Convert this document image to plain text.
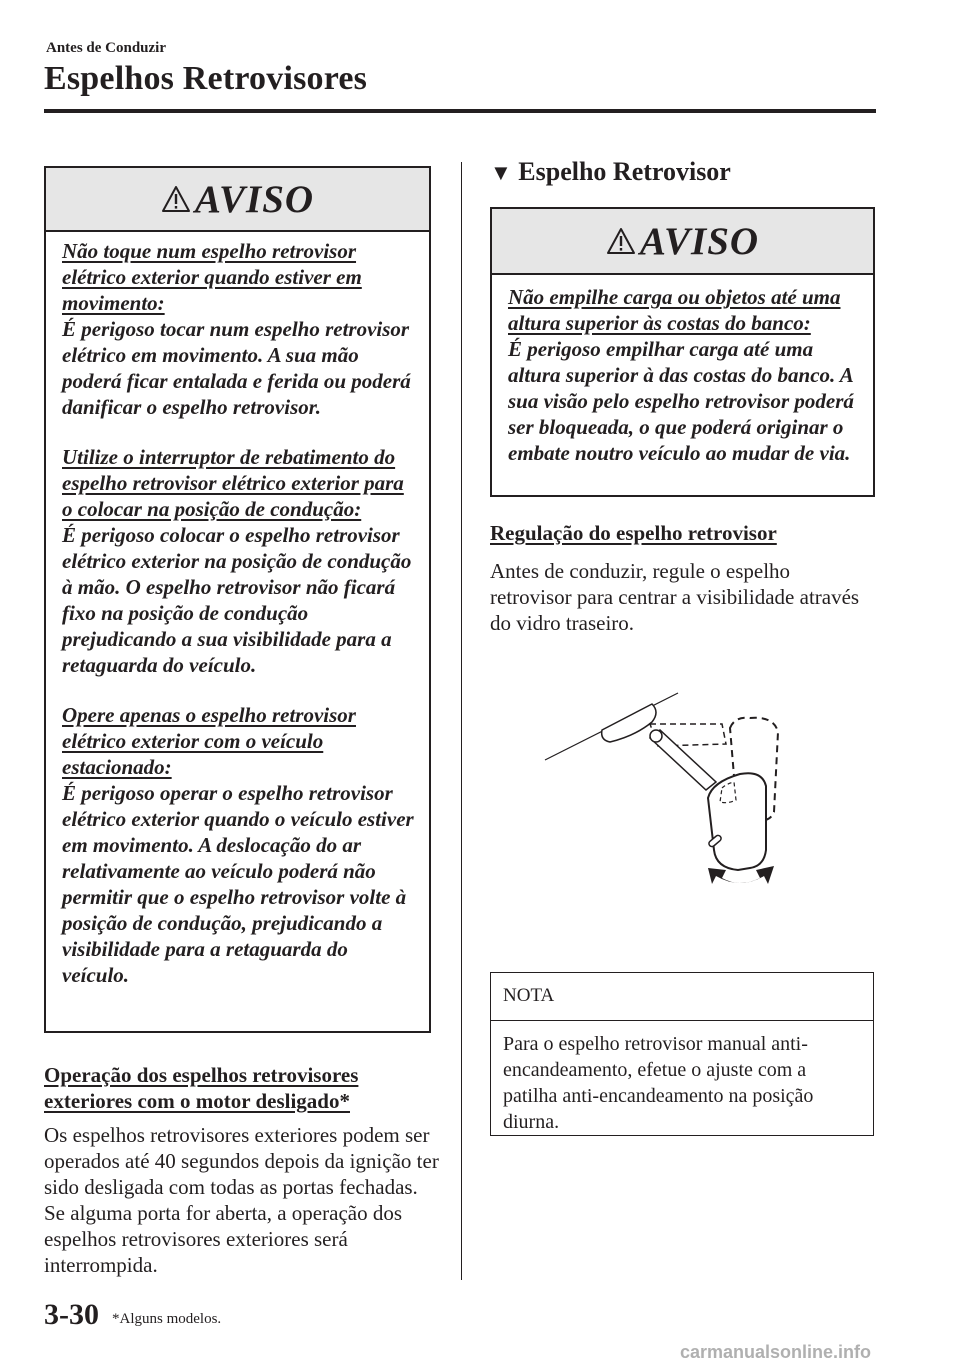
Antes de Conduzir
Espelhos Retrovisores
AVISO

Não toque num espelho retrovisor elétrico exterior quando estiver em movimento:
É perigoso tocar num espelho retrovisor elétrico em movimento. A sua mão poderá ficar entalada e ferida ou poderá danificar o espelho retrovisor.

Utilize o interruptor de rebatimento do espelho retrovisor elétrico exterior para o colocar na posição de condução:
É perigoso colocar o espelho retrovisor elétrico exterior na posição de condução à mão. O espelho retrovisor não ficará fixo na posição de condução prejudicando a sua visibilidade para a retaguarda do veículo.

Opere apenas o espelho retrovisor elétrico exterior com o veículo estacionado:
É perigoso operar o espelho retrovisor elétrico exterior quando o veículo estiver em movimento. A deslocação do ar relativamente ao veículo poderá não permitir que o espelho retrovisor volte à posição de condução, prejudicando a visibilidade para a retaguarda do veículo.

Operação dos espelhos retrovisores exteriores com o motor desligado*
Os espelhos retrovisores exteriores podem ser operados até 40 segundos depois da ignição ter sido desligada com todas as portas fechadas. Se alguma porta for aberta, a operação dos espelhos retrovisores exteriores será interrompida.
▼ Espelho Retrovisor
AVISO

Não empilhe carga ou objetos até uma altura superior às costas do banco:
É perigoso empilhar carga até uma altura superior à das costas do banco. A sua visão pelo espelho retrovisor poderá ser bloqueada, o que poderá originar o embate noutro veículo ao mudar de via.

Regulação do espelho retrovisor
Antes de conduzir, regule o espelho retrovisor para centrar a visibilidade através do vidro traseiro.
NOTA
Para o espelho retrovisor manual anti-encandeamento, efetue o ajuste com a patilha anti-encandeamento na posição diurna.
3-30 *Alguns modelos.
carmanualsonline.info
